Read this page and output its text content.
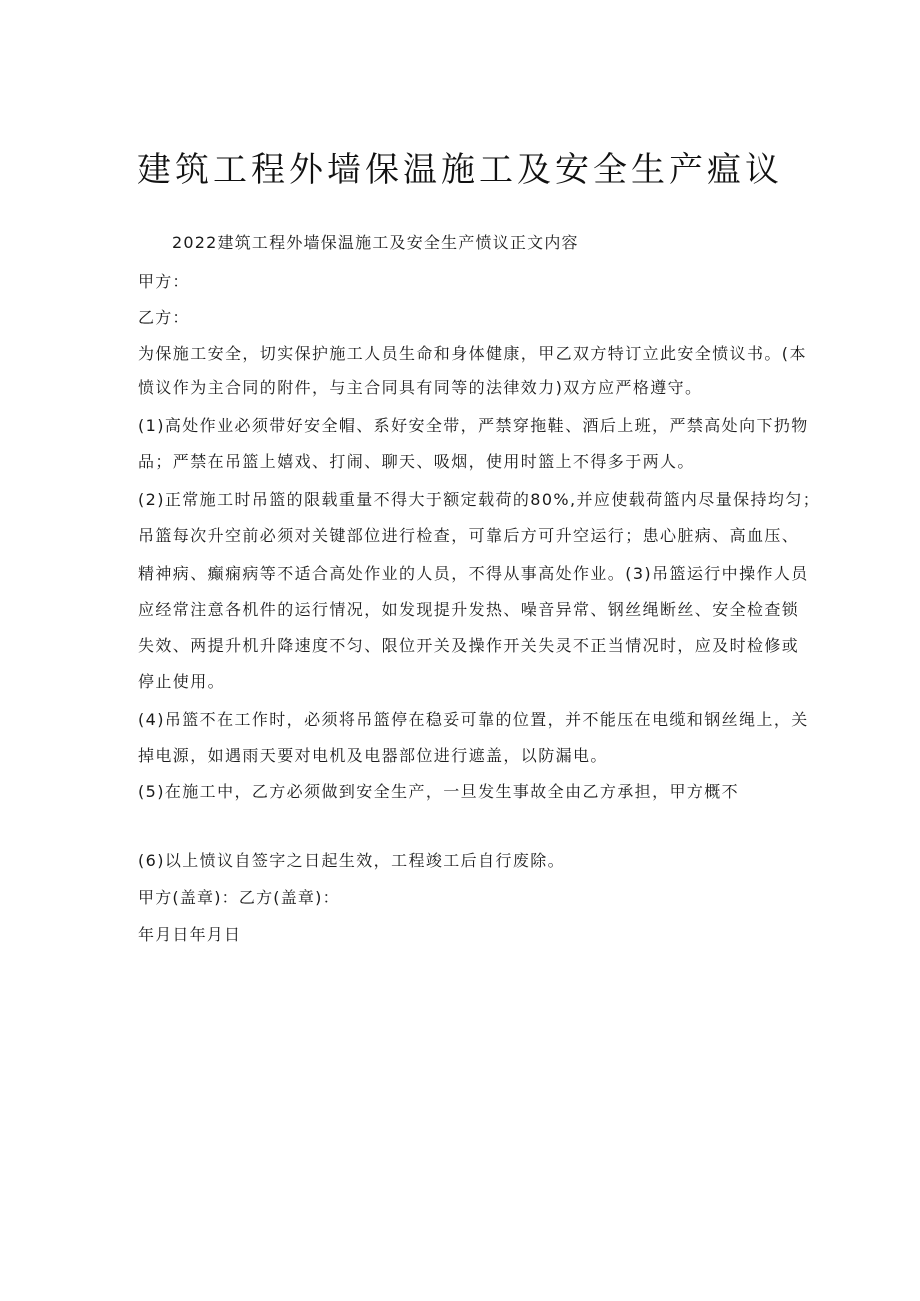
建筑工程外墙保温施工及安全生产瘟议
2022建筑工程外墙保温施工及安全生产愤议正文内容
甲方：
乙方：
为保施工安全，切实保护施工人员生命和身体健康，甲乙双方特订立此安全愤议书。(本
愤议作为主合同的附件，与主合同具有同等的法律效力)双方应严格遵守。
(1)高处作业必须带好安全帽、系好安全带，严禁穿拖鞋、酒后上班，严禁高处向下扔物
品；严禁在吊篮上嬉戏、打闹、聊天、吸烟，使用时篮上不得多于两人。
(2)正常施工时吊篮的限载重量不得大于额定载荷的80%,并应使载荷篮内尽量保持均匀；
吊篮每次升空前必须对关键部位进行检查，可靠后方可升空运行；患心脏病、高血压、
精神病、癫痫病等不适合高处作业的人员，不得从事高处作业。(3)吊篮运行中操作人员
应经常注意各机件的运行情况，如发现提升发热、噪音异常、钢丝绳断丝、安全检查锁
失效、两提升机升降速度不匀、限位开关及操作开关失灵不正当情况时，应及时检修或
停止使用。
(4)吊篮不在工作时，必须将吊篮停在稳妥可靠的位置，并不能压在电缆和钢丝绳上，关
掉电源，如遇雨天要对电机及电器部位进行遮盖，以防漏电。
(5)在施工中，乙方必须做到安全生产，一旦发生事故全由乙方承担，甲方概不
(6)以上愤议自签字之日起生效，工程竣工后自行废除。
甲方(盖章)：乙方(盖章)：
年月日年月日
